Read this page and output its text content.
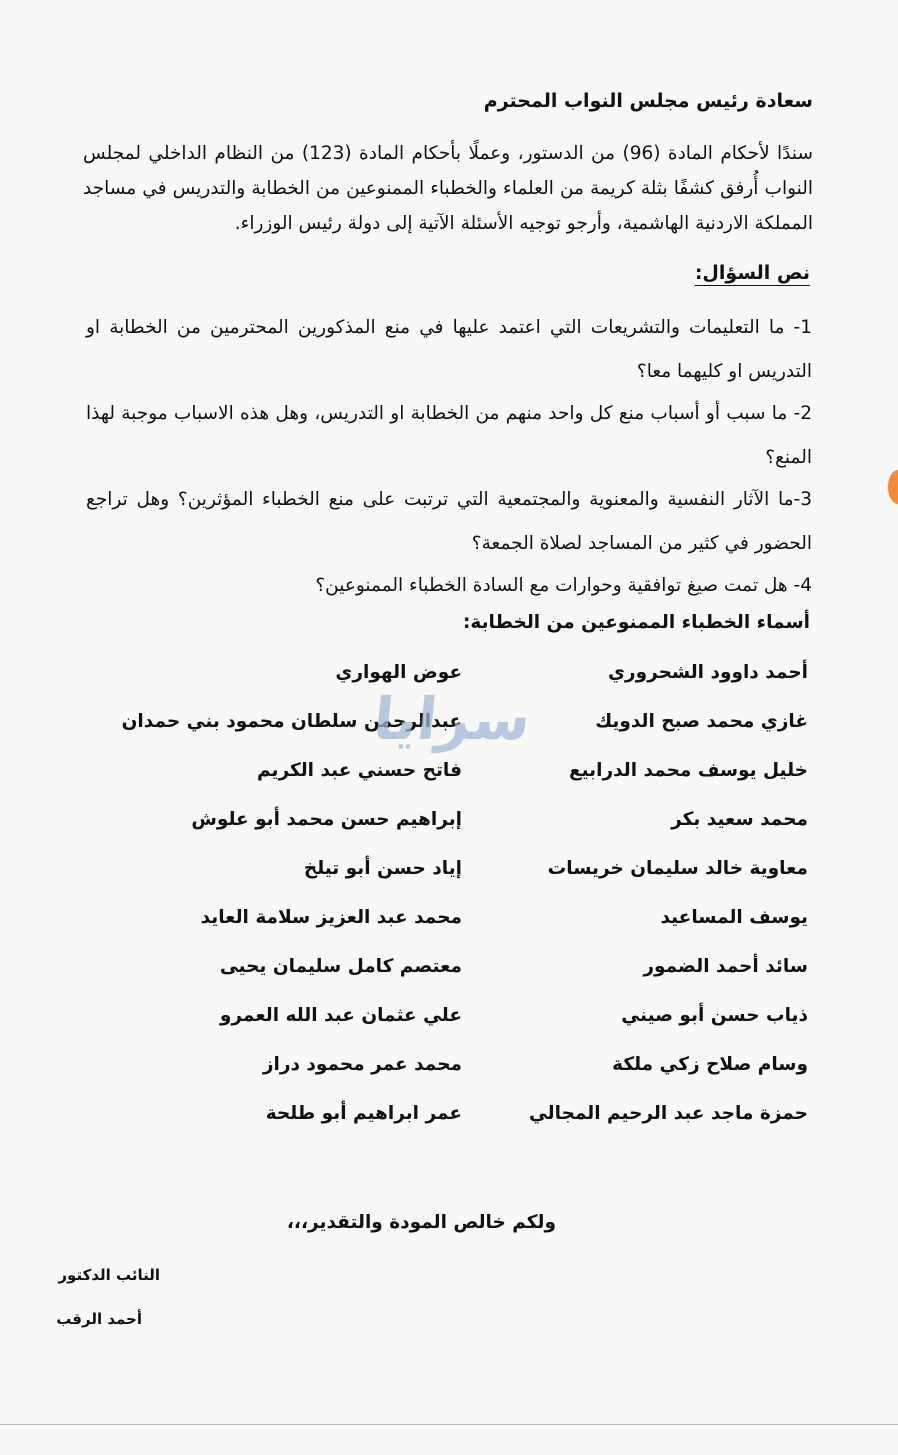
سعادة رئيس مجلس النواب المحترم
سندًا لأحكام المادة (96) من الدستور، وعملًا بأحكام المادة (123) من النظام الداخلي لمجلس النواب أُرفق كشفًا بثلة كريمة من العلماء والخطباء الممنوعين من الخطابة والتدريس في مساجد المملكة الاردنية الهاشمية، وأرجو توجيه الأسئلة الآتية إلى دولة رئيس الوزراء.
نص السؤال:
1- ما التعليمات والتشريعات التي اعتمد عليها في منع المذكورين المحترمين من الخطابة او التدريس او كليهما معا؟
2- ما سبب أو أسباب منع كل واحد منهم من الخطابة او التدريس، وهل هذه الاسباب موجبة لهذا المنع؟
3-ما الآثار النفسية والمعنوية والمجتمعية التي ترتبت على منع الخطباء المؤثرين؟ وهل تراجع الحضور في كثير من المساجد لصلاة الجمعة؟
4- هل تمت صيغ توافقية وحوارات مع السادة الخطباء الممنوعين؟
أسماء الخطباء الممنوعين من الخطابة:
أحمد داوود الشحروري
عوض الهواري
غازي محمد صبح الدويك
عبدالرحمن سلطان محمود بني حمدان
خليل يوسف محمد الدرابيع
فاتح حسني عبد الكريم
محمد سعيد بكر
إبراهيم حسن محمد أبو علوش
معاوية خالد سليمان خريسات
إياد حسن أبو تيلخ
يوسف المساعيد
محمد عبد العزيز سلامة العايد
سائد أحمد الضمور
معتصم كامل سليمان يحيى
ذياب حسن أبو صيني
علي عثمان عبد الله العمرو
وسام صلاح زكي ملكة
محمد عمر محمود دراز
حمزة ماجد عبد الرحيم المجالي
عمر ابراهيم أبو طلحة
سرايا
ولكم خالص المودة والتقدير،،،
النائب الدكتور
أحمد الرقب
